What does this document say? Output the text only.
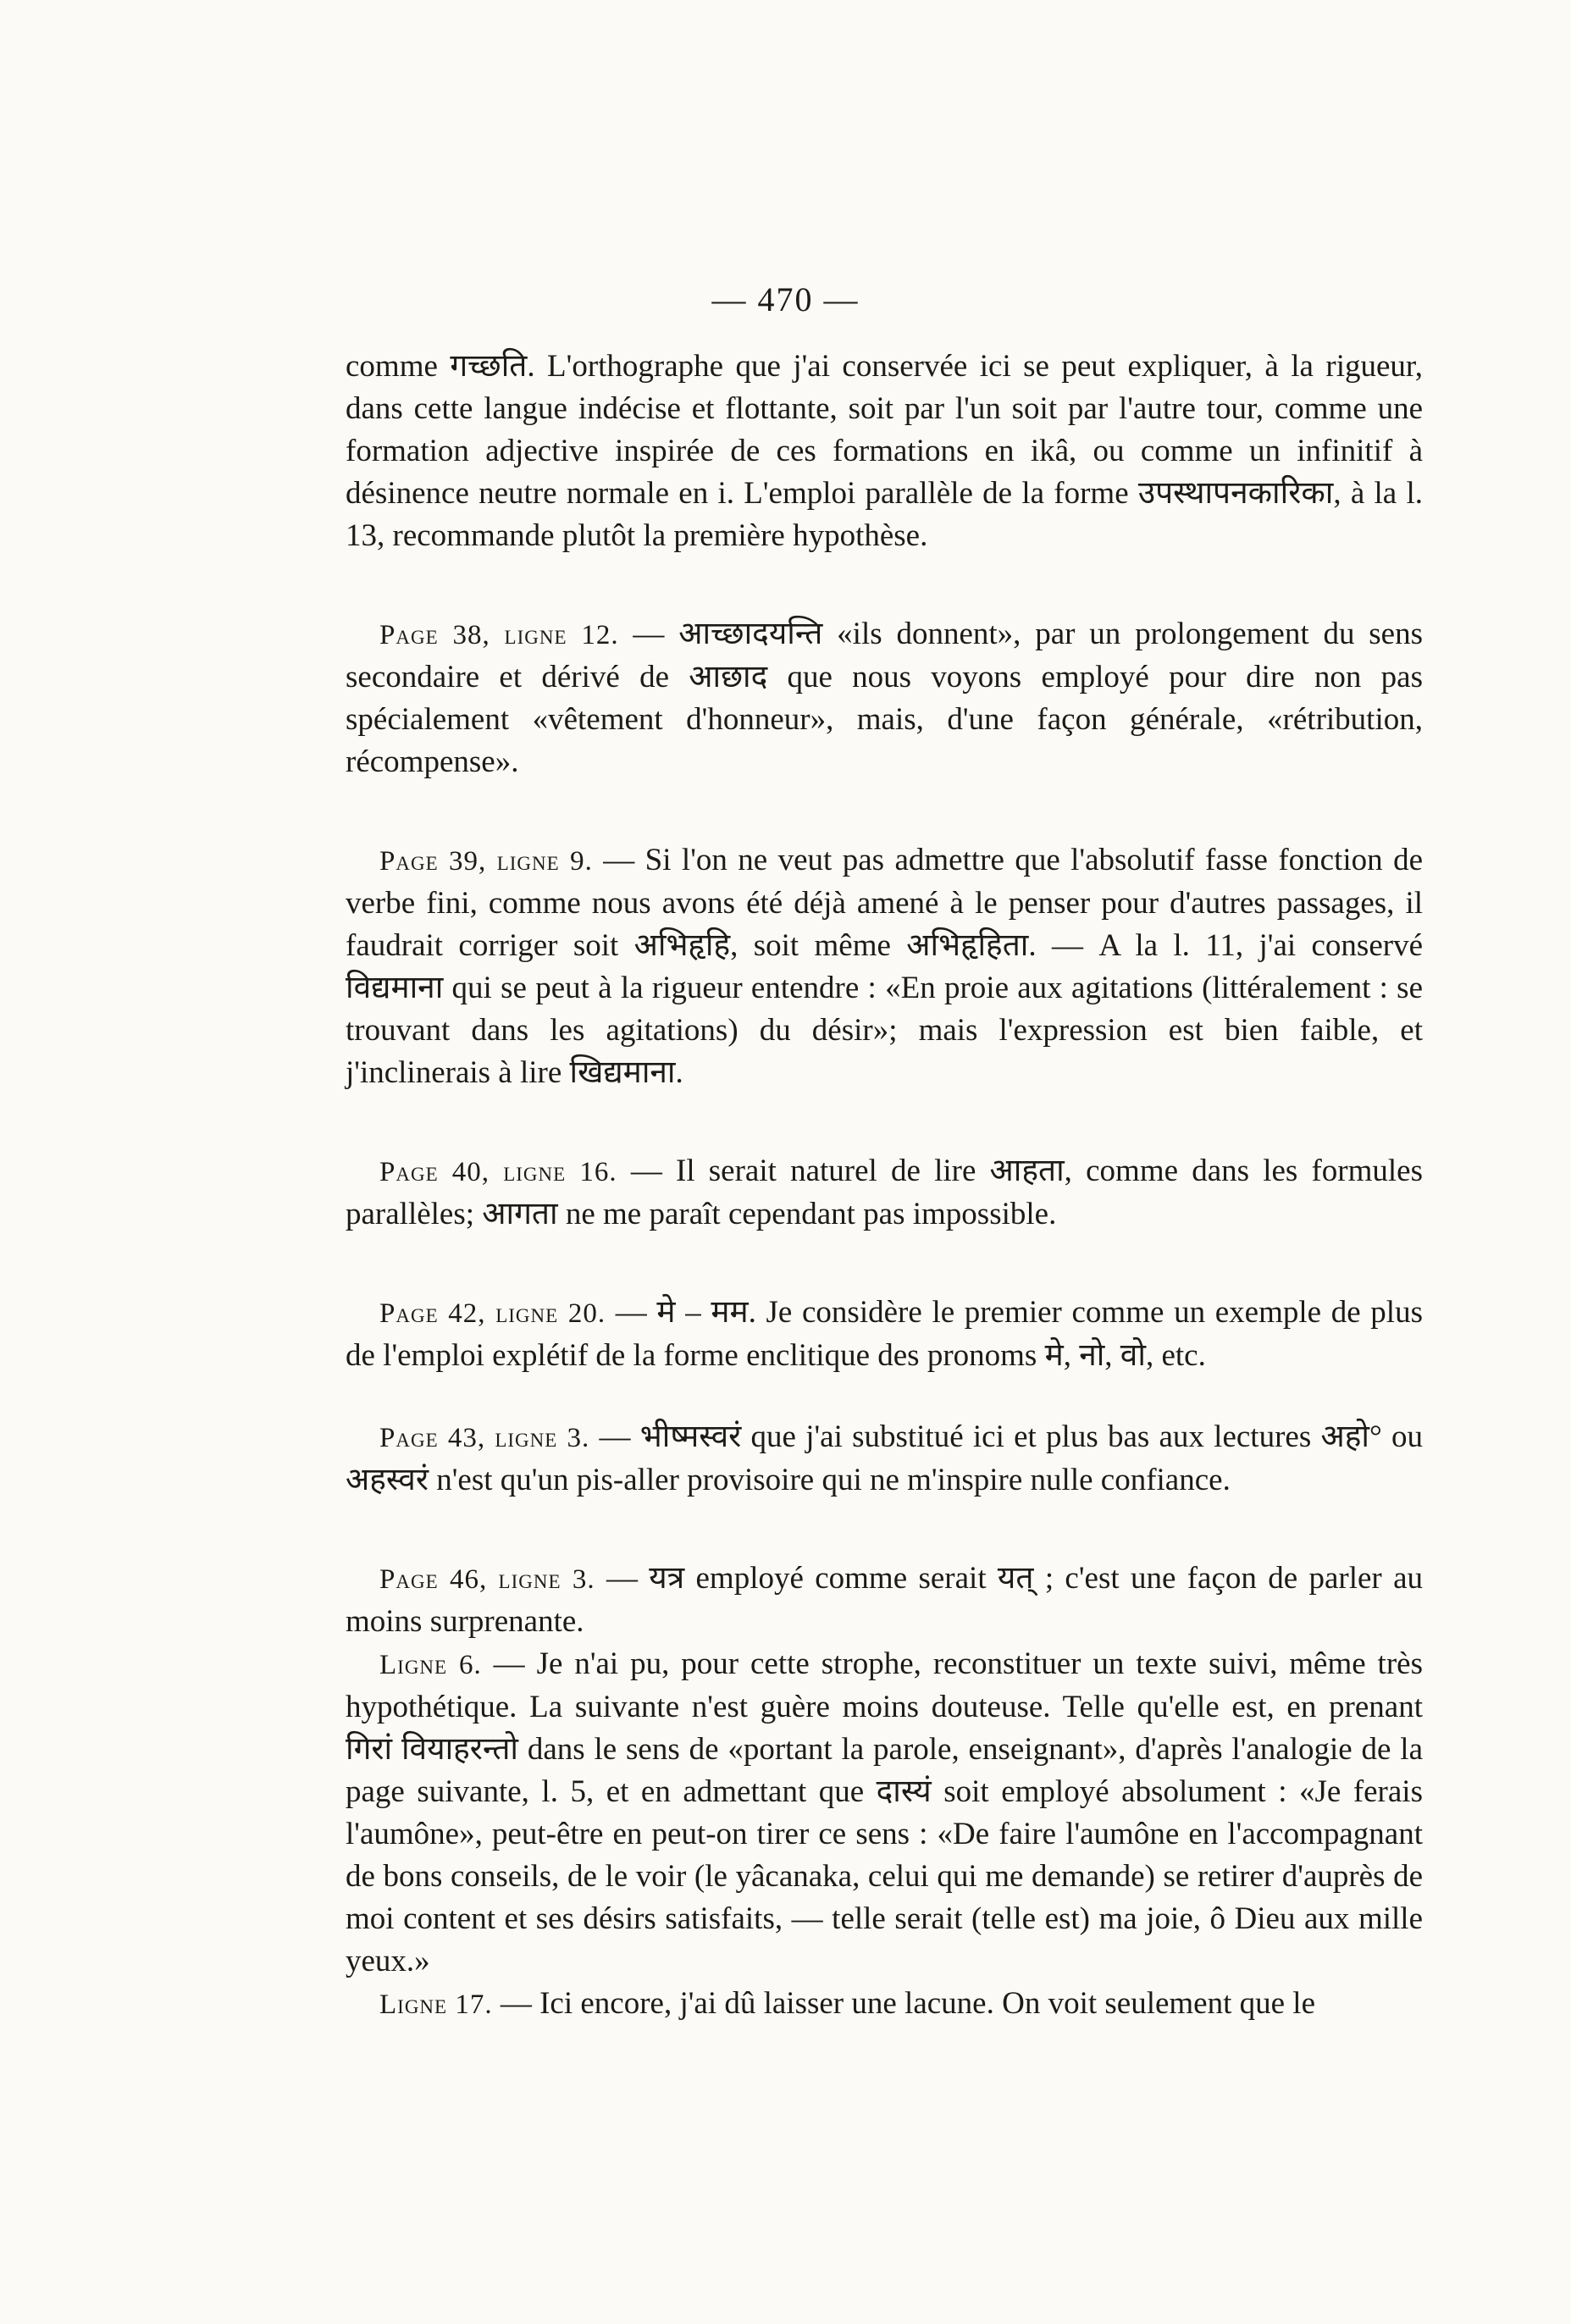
— 470 —

comme गच्छति. L'orthographe que j'ai conservée ici se peut expliquer, à la rigueur, dans cette langue indécise et flottante, soit par l'un soit par l'autre tour, comme une formation adjective inspirée de ces formations en ikâ, ou comme un infinitif à désinence neutre normale en i. L'emploi parallèle de la forme उपस्थापनकारिका, à la l. 13, recommande plutôt la première hypothèse.

Page 38, ligne 12. — आच्छादयन्ति «ils donnent», par un prolongement du sens secondaire et dérivé de आछाद que nous voyons employé pour dire non pas spécialement «vêtement d'honneur», mais, d'une façon générale, «rétribution, récompense».

Page 39, ligne 9. — Si l'on ne veut pas admettre que l'absolutif fasse fonction de verbe fini, comme nous avons été déjà amené à le penser pour d'autres passages, il faudrait corriger soit अभिहृहि, soit même अभिहृहिता. — A la l. 11, j'ai conservé विद्यमाना qui se peut à la rigueur entendre : «En proie aux agitations (littéralement : se trouvant dans les agitations) du désir»; mais l'expression est bien faible, et j'inclinerais à lire खिद्यमाना.

Page 40, ligne 16. — Il serait naturel de lire आहता, comme dans les formules parallèles; आगता ne me paraît cependant pas impossible.

Page 42, ligne 20. — मे – मम. Je considère le premier comme un exemple de plus de l'emploi explétif de la forme enclitique des pronoms मे, नो, वो, etc.

Page 43, ligne 3. — भीष्मस्वरं que j'ai substitué ici et plus bas aux lectures अहो° ou अहस्वरं n'est qu'un pis-aller provisoire qui ne m'inspire nulle confiance.

Page 46, ligne 3. — यत्र employé comme serait यत् ; c'est une façon de parler au moins surprenante.

Ligne 6. — Je n'ai pu, pour cette strophe, reconstituer un texte suivi, même très hypothétique. La suivante n'est guère moins douteuse. Telle qu'elle est, en prenant गिरां वियाहरन्तो dans le sens de «portant la parole, enseignant», d'après l'analogie de la page suivante, l. 5, et en admettant que दास्यं soit employé absolument : «Je ferais l'aumône», peut-être en peut-on tirer ce sens : «De faire l'aumône en l'accompagnant de bons conseils, de le voir (le yâcanaka, celui qui me demande) se retirer d'auprès de moi content et ses désirs satisfaits, — telle serait (telle est) ma joie, ô Dieu aux mille yeux.»

Ligne 17. — Ici encore, j'ai dû laisser une lacune. On voit seulement que le
